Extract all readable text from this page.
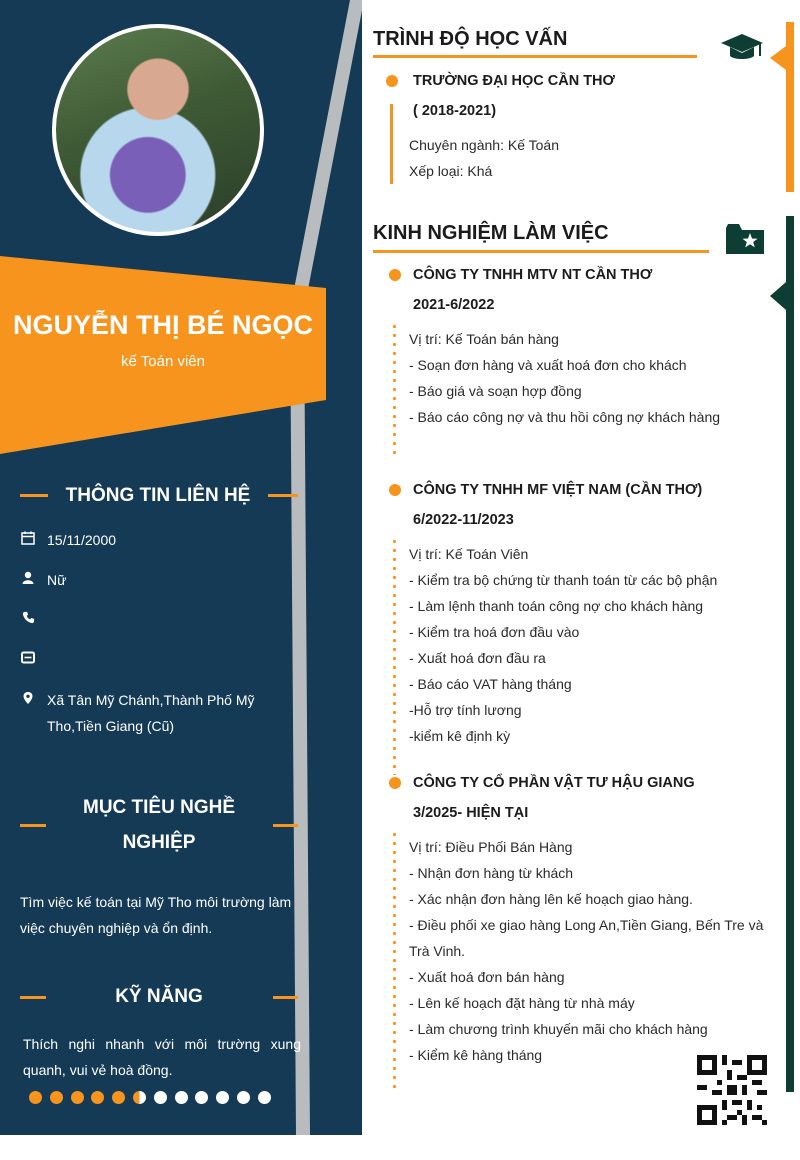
NGUYỄN THỊ BÉ NGỌC
kế Toán viên
THÔNG TIN LIÊN HỆ
15/11/2000
Nữ
Xã Tân Mỹ Chánh,Thành Phố Mỹ Tho,Tiền Giang (Cũ)
MỤC TIÊU NGHỀ NGHIỆP
Tìm việc kế toán tại Mỹ Tho môi trường làm việc chuyên nghiệp và ổn định.
KỸ NĂNG
Thích nghi nhanh với môi trường xung quanh, vui vẻ hoà đồng.
TRÌNH ĐỘ HỌC VẤN
TRƯỜNG ĐẠI HỌC CẦN THƠ
( 2018-2021)
Chuyên ngành: Kế Toán
Xếp loại: Khá
KINH NGHIỆM LÀM VIỆC
CÔNG TY TNHH MTV NT CẦN THƠ
2021-6/2022
Vị trí: Kế Toán bán hàng
- Soạn đơn hàng và xuất hoá đơn cho khách
- Báo giá và soạn hợp đồng
- Báo cáo công nợ và thu hồi công nợ khách hàng
CÔNG TY TNHH MF VIỆT NAM (CẦN THƠ)
6/2022-11/2023
Vị trí: Kế Toán Viên
- Kiểm tra bộ chứng từ thanh toán từ các bộ phận
- Làm lệnh thanh toán công nợ cho khách hàng
- Kiểm tra hoá đơn đầu vào
- Xuất hoá đơn đầu ra
- Báo cáo VAT hàng tháng
-Hỗ trợ tính lương
-kiểm kê định kỳ
CÔNG TY CỔ PHẦN VẬT TƯ HẬU GIANG
3/2025- HIỆN TẠI
Vị trí: Điều Phối Bán Hàng
- Nhận đơn hàng từ khách
- Xác nhận đơn hàng lên kế hoạch giao hàng.
- Điều phối xe giao hàng Long An,Tiền Giang, Bến Tre và
Trà Vinh.
- Xuất hoá đơn bán hàng
- Lên kế hoạch đặt hàng từ nhà máy
- Làm chương trình khuyến mãi cho khách hàng
- Kiểm kê hàng tháng
